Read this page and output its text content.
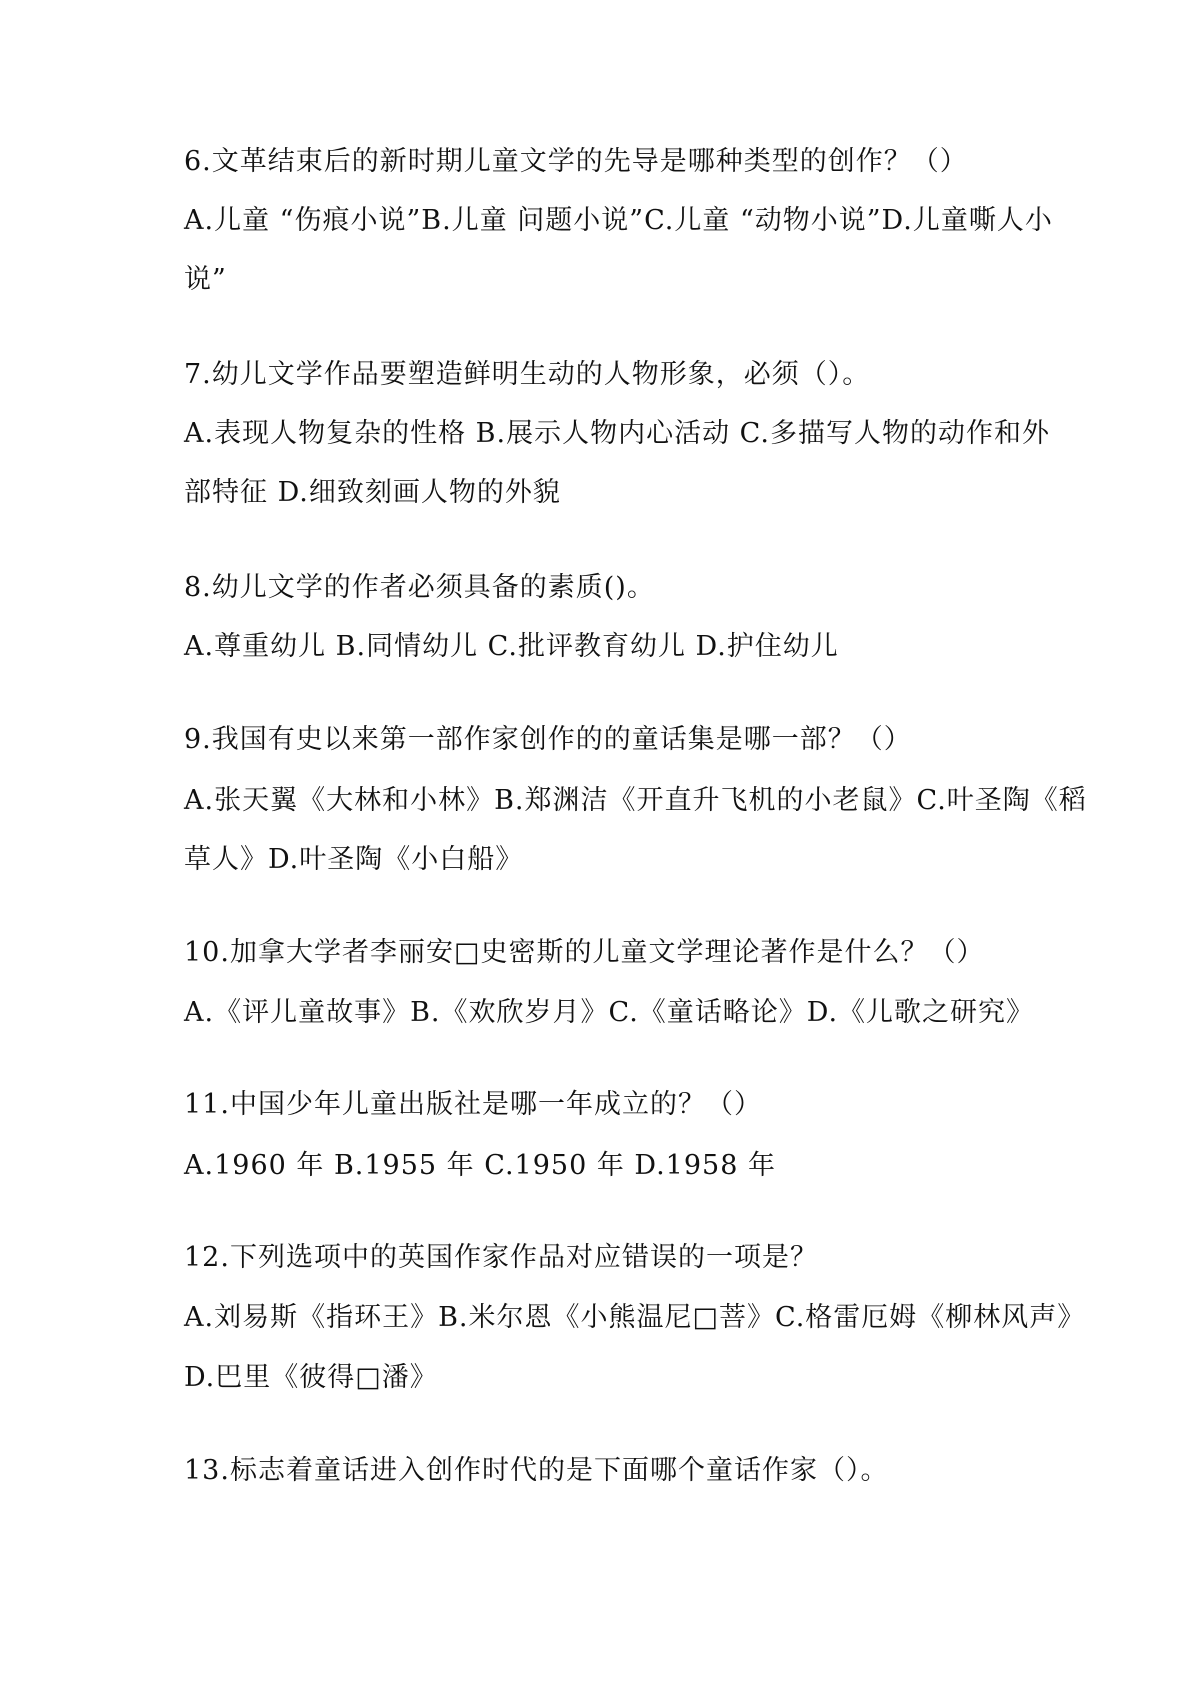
6.文革结束后的新时期儿童文学的先导是哪种类型的创作？（）
A.儿童 “伤痕小说”B.儿童 问题小说”C.儿童 “动物小说”D.儿童嘶人小
说”
7.幼儿文学作品要塑造鲜明生动的人物形象，必须（）。
A.表现人物复杂的性格 B.展示人物内心活动 C.多描写人物的动作和外
部特征 D.细致刻画人物的外貌
8.幼儿文学的作者必须具备的素质()。
A.尊重幼儿 B.同情幼儿 C.批评教育幼儿 D.护住幼儿
9.我国有史以来第一部作家创作的的童话集是哪一部？（）
A.张天翼《大林和小林》B.郑渊洁《开直升飞机的小老鼠》C.叶圣陶《稻
草人》D.叶圣陶《小白船》
10.加拿大学者李丽安□史密斯的儿童文学理论著作是什么？（）
A.《评儿童故事》B.《欢欣岁月》C.《童话略论》D.《儿歌之研究》
11.中国少年儿童出版社是哪一年成立的？（）
A.1960 年 B.1955 年 C.1950 年 D.1958 年
12.下列选项中的英国作家作品对应错误的一项是？
A.刘易斯《指环王》B.米尔恩《小熊温尼□菩》C.格雷厄姆《柳林风声》
D.巴里《彼得□潘》
13.标志着童话进入创作时代的是下面哪个童话作家（）。
